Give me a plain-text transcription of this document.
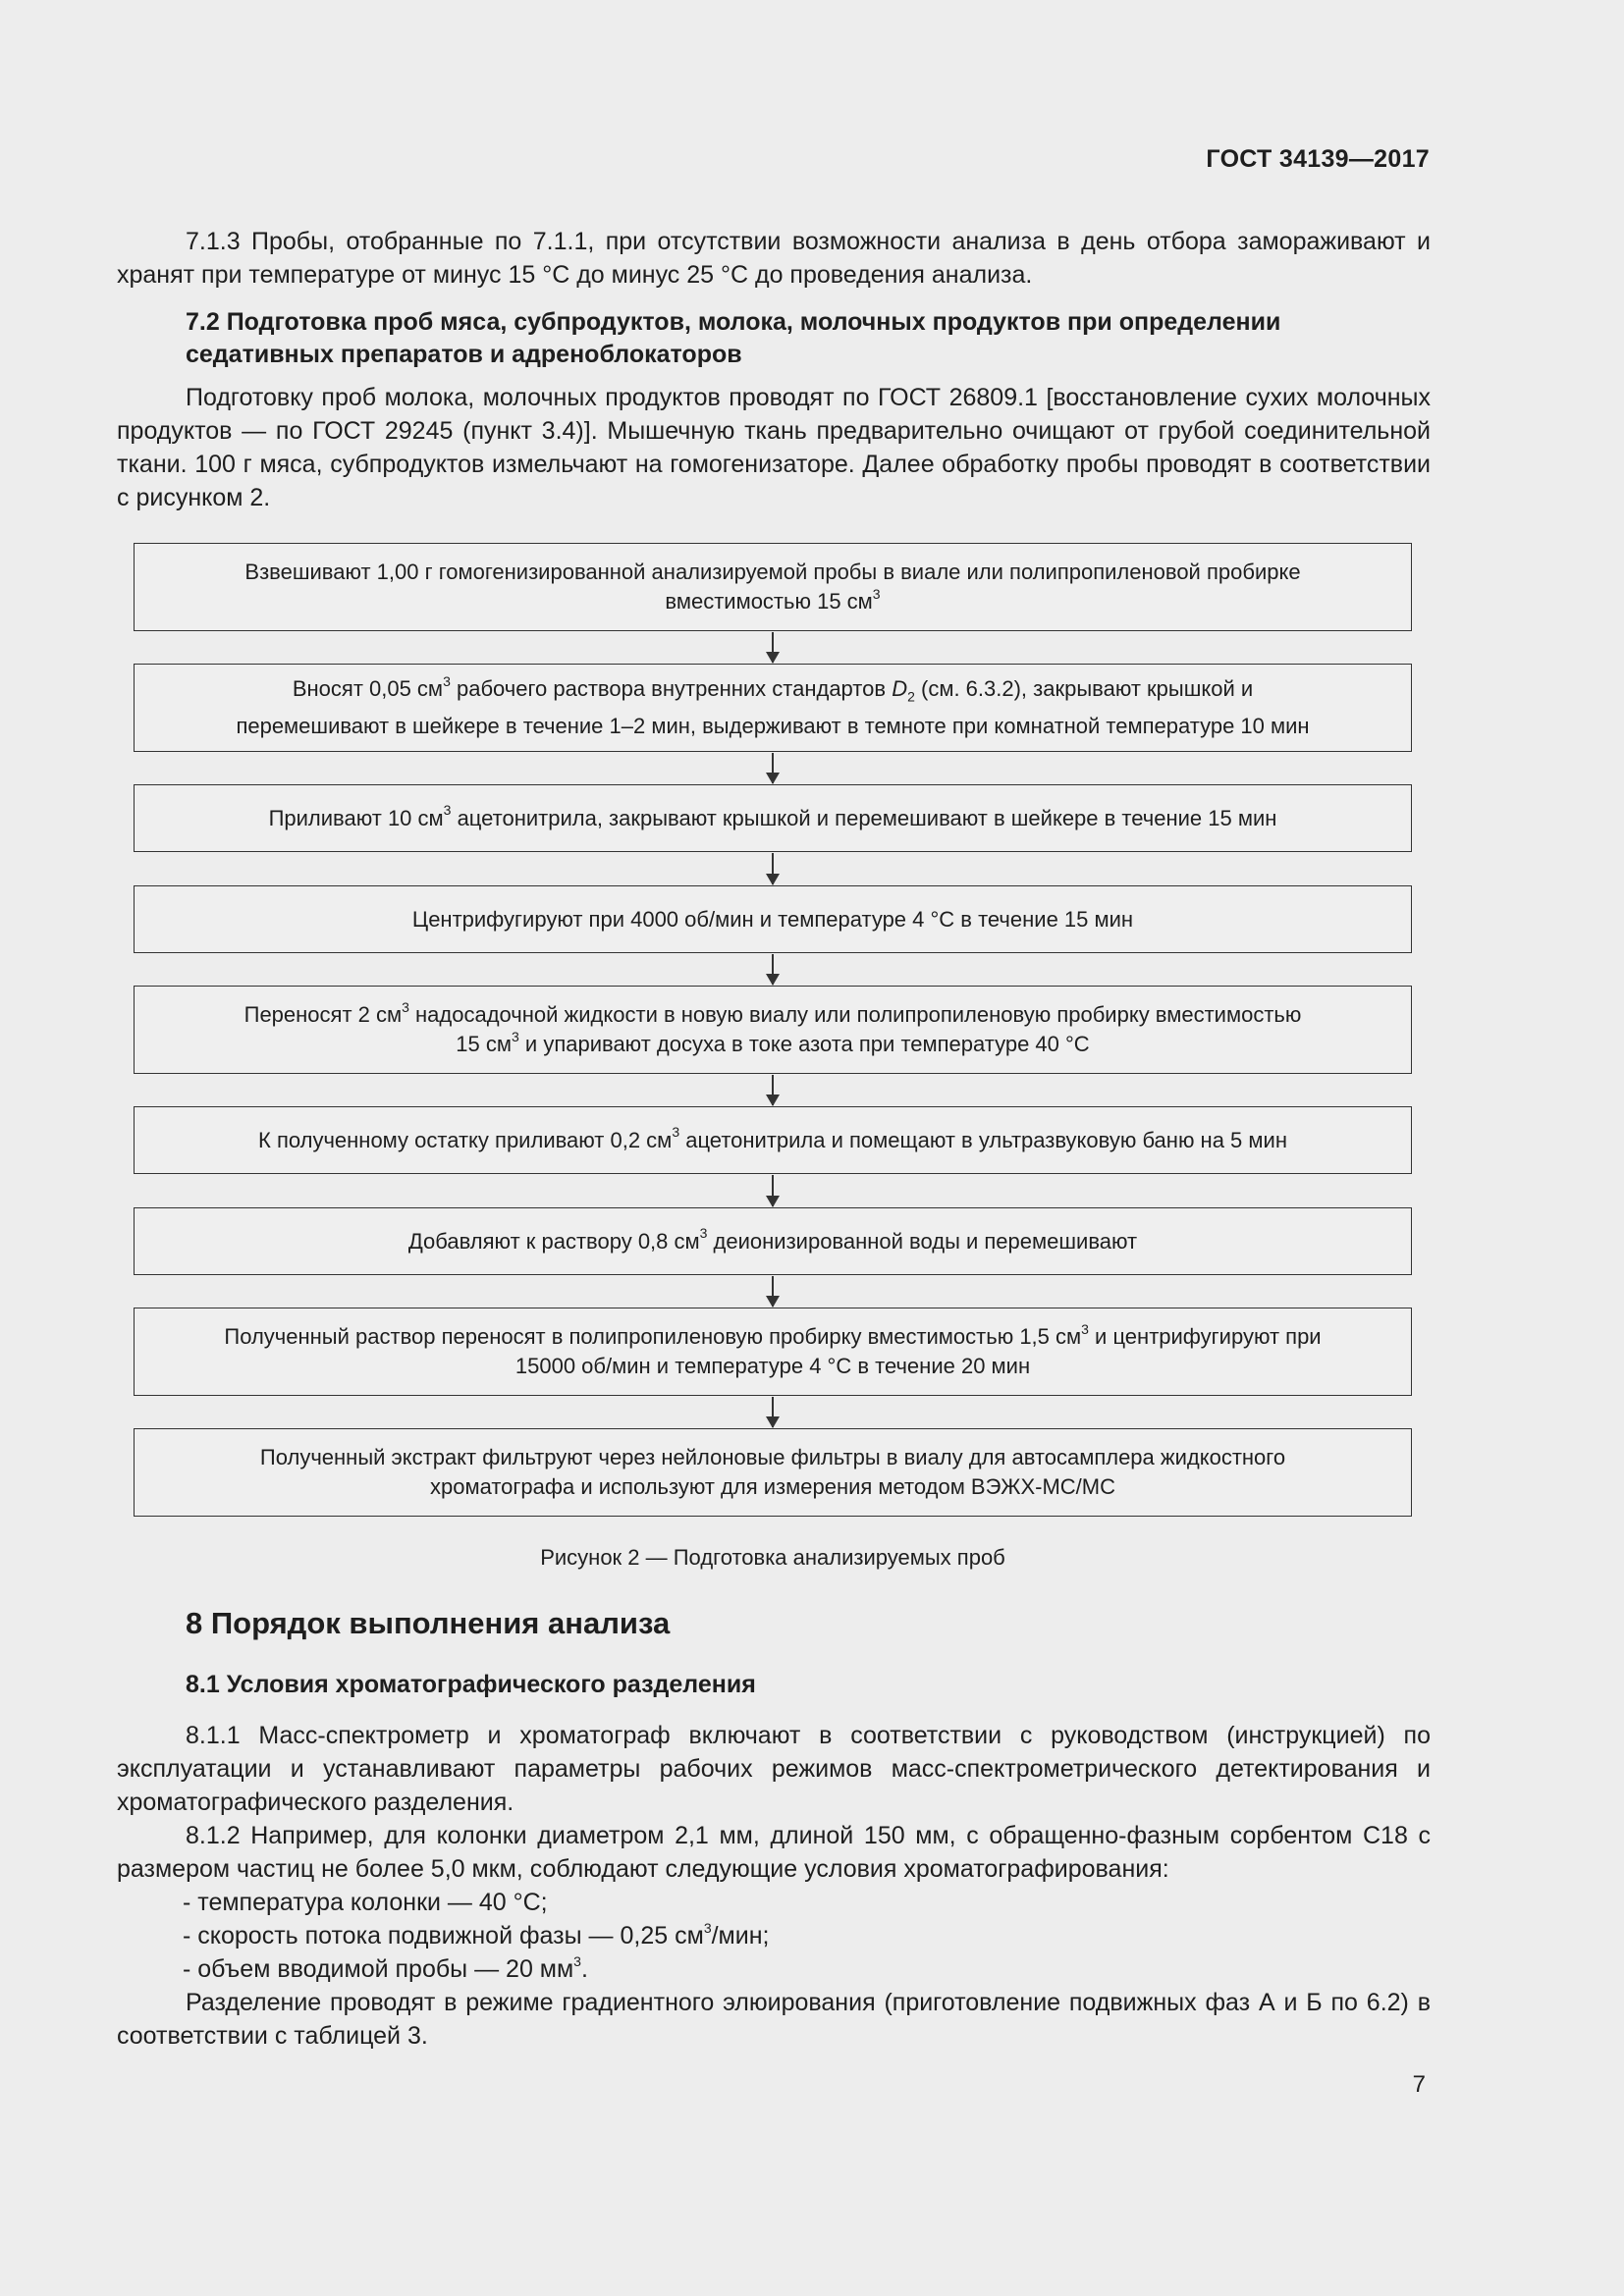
ГОСТ 34139—2017

7.1.3 Пробы, отобранные по 7.1.1, при отсутствии возможности анализа в день отбора замораживают и хранят при температуре от минус 15 °С до минус 25 °С до проведения анализа.

7.2 Подготовка проб мяса, субпродуктов, молока, молочных продуктов при определении седативных препаратов и адреноблокаторов

Подготовку проб молока, молочных продуктов проводят по ГОСТ 26809.1 [восстановление сухих молочных продуктов — по ГОСТ 29245 (пункт 3.4)]. Мышечную ткань предварительно очищают от грубой соединительной ткани. 100 г мяса, субпродуктов измельчают на гомогенизаторе. Далее обработку пробы проводят в соответствии с рисунком 2.

Взвешивают 1,00 г гомогенизированной анализируемой пробы в виале или полипропиленовой пробирке
вместимостью 15 $см^3$
Вносят 0,05 $см^3$ рабочего раствора внутренних стандартов $D_2$ (см. 6.3.2), закрывают крышкой и
перемешивают в шейкере в течение 1–2 мин, выдерживают в темноте при комнатной температуре 10 мин
Приливают 10 $см^3$ ацетонитрила, закрывают крышкой и перемешивают в шейкере в течение 15 мин
Центрифугируют при 4000 об/мин и температуре 4 °С в течение 15 мин
Переносят 2 $см^3$ надосадочной жидкости в новую виалу или полипропиленовую пробирку вместимостью
15 $см^3$ и упаривают досуха в токе азота при температуре 40 °С
К полученному остатку приливают 0,2 $см^3$ ацетонитрила и помещают в ультразвуковую баню на 5 мин
Добавляют к раствору 0,8 $см^3$ деионизированной воды и перемешивают
Полученный раствор переносят в полипропиленовую пробирку вместимостью 1,5 $см^3$ и центрифугируют при
15000 об/мин и температуре 4 °С в течение 20 мин
Полученный экстракт фильтруют через нейлоновые фильтры в виалу для автосамплера жидкостного
хроматографа и используют для измерения методом ВЭЖХ-МС/МС
Рисунок 2 — Подготовка анализируемых проб
8 Порядок выполнения анализа
8.1 Условия хроматографического разделения

8.1.1 Масс-спектрометр и хроматограф включают в соответствии с руководством (инструкцией) по эксплуатации и устанавливают параметры рабочих режимов масс-спектрометрического детектирования и хроматографического разделения.

8.1.2 Например, для колонки диаметром 2,1 мм, длиной 150 мм, с обращенно-фазным сорбентом С18 с размером частиц не более 5,0 мкм, соблюдают следующие условия хроматографирования:

- температура колонки — 40 °С;
- скорость потока подвижной фазы — 0,25 $см^3$/мин;
- объем вводимой пробы — 20 $мм^3$.

Разделение проводят в режиме градиентного элюирования (приготовление подвижных фаз А и Б по 6.2) в соответствии с таблицей 3.

7
